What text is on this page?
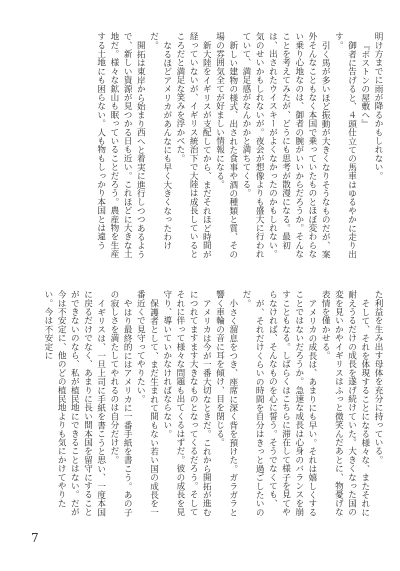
明け方までに雨が降るかもしれない。

『ボストンの屋敷へ』

御者に告げると、４頭仕立ての馬車はゆるやかに走り出す。

引く馬が多いほど振動が大きくなりそうなものだが、案外そんなこともなく本国で乗っていたものとほぼ変わらない乗り心地なのは、御者の腕がいいからだろうか。そんなことを考えてみたが、どうにも思考が散漫になる。最初は、出されたウイスキーがよくなかったのかもしれない。気のせいかもしれないが。夜会が想像よりも盛大に行われていて、満足感がなんかかと満ちてくる。

新しい建物の様式、出された食事や酒の種類と質、その場の雰囲気全てが好ましい情報になる。

新大陸をイギリスが支配してから、まだそれほど時間が経っていないが、イギリス統治下で大陸は成長しているところだと満足な笑みを浮かべた。

なるほどアメリカがあんなにも早く大きくなったわけだ。

開拓は東岸から始まり西へと着実に進行しつつあるようで、新しい資源が見つかる日も近い。これほどに大きな土地だ。様々な鉱山も眠っていることだろう。農産物を生産する土地にも困らない。人も物もしっかり本国とは違う

た利益を生み出す母体を充分に持っている。

そして、それを体現することになる様々な、またそれに耐えうるだけの成長を遂げ続けていた。大きくなった国の変を見いかやイギリスはふっと微笑んだあとに、物憂げな表情を僅かせる。

アメリカの成長は、あまりにも早い。それは嬉しくすることではないだろうか。急速な成長は心身のバランスを崩すこともなる。しばらくはこちらに滞在して様子を見てやらなければ、そんなものを心に誓う。そうでなくても、

が、それだけくらいの時間を自分はきっと過ごしたいのだ。

小さく溜息をつき、座席に深く背を預けた。ガラガラと響く車輪の音に耳を傾け、目を閉じる。

アメリカは今が一番大切なときだ。これから開拓が進むにつれてますます大きなものとなってくるだろう。そしてそれに伴って様々な問題も出てくるはずだ。彼の成長を見守り、導いていかなければならない。

保護者として、まだ生まれて間もない若い国の成長を一番近くで見守ってやりたい。

やはり最終的にはアメリカに一番手紙を書こう。あの子の寂しさを満たしてやれるのは自分だけだ。

イギリスは、一旦上司に手紙を書こうと思い、一度本国に戻るだけでなく、あまりに長い間本国を留守にすることができないのなら、私が植民地にできることはない。だが今は不安定に、他のどの植民地よりも気にかけてやりたい。今は不安定に

7
